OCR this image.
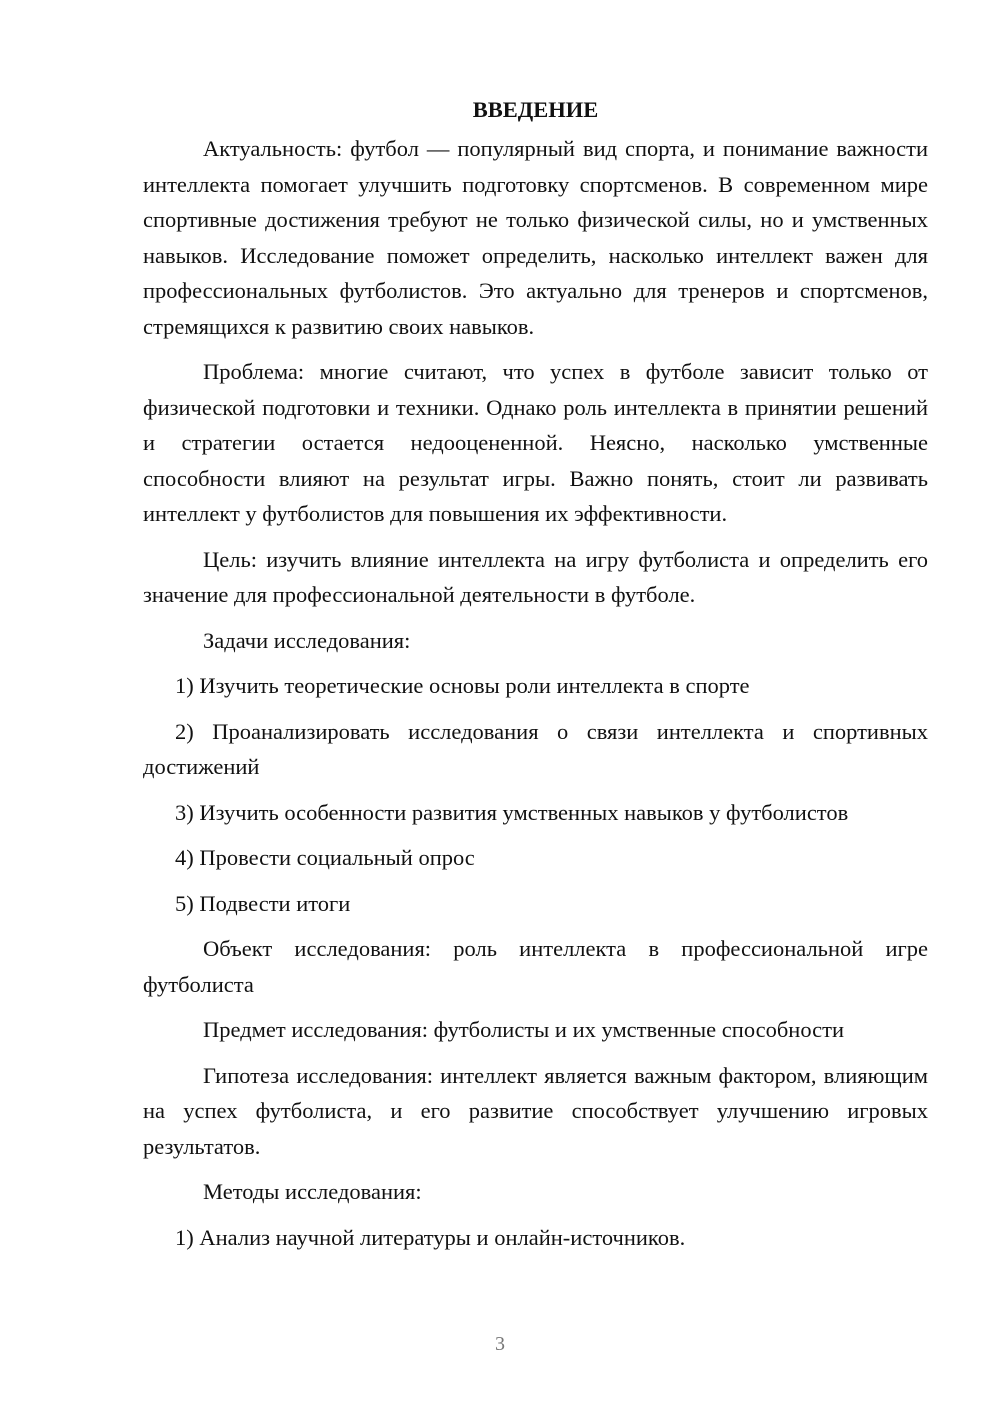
ВВЕДЕНИЕ

Актуальность: футбол — популярный вид спорта, и понимание важности интеллекта помогает улучшить подготовку спортсменов. В современном мире спортивные достижения требуют не только физической силы, но и умственных навыков. Исследование поможет определить, насколько интеллект важен для профессиональных футболистов. Это актуально для тренеров и спортсменов, стремящихся к развитию своих навыков.

Проблема: многие считают, что успех в футболе зависит только от физической подготовки и техники. Однако роль интеллекта в принятии решений и стратегии остается недооцененной. Неясно, насколько умственные способности влияют на результат игры. Важно понять, стоит ли развивать интеллект у футболистов для повышения их эффективности.

Цель: изучить влияние интеллекта на игру футболиста и определить его значение для профессиональной деятельности в футболе.

Задачи исследования:

1) Изучить теоретические основы роли интеллекта в спорте

2) Проанализировать исследования о связи интеллекта и спортивных достижений

3) Изучить особенности развития умственных навыков у футболистов

4) Провести социальный опрос

5) Подвести итоги

Объект исследования: роль интеллекта в профессиональной игре футболиста

Предмет исследования: футболисты и их умственные способности

Гипотеза исследования: интеллект является важным фактором, влияющим на успех футболиста, и его развитие способствует улучшению игровых результатов.

Методы исследования:

1) Анализ научной литературы и онлайн-источников.

3
